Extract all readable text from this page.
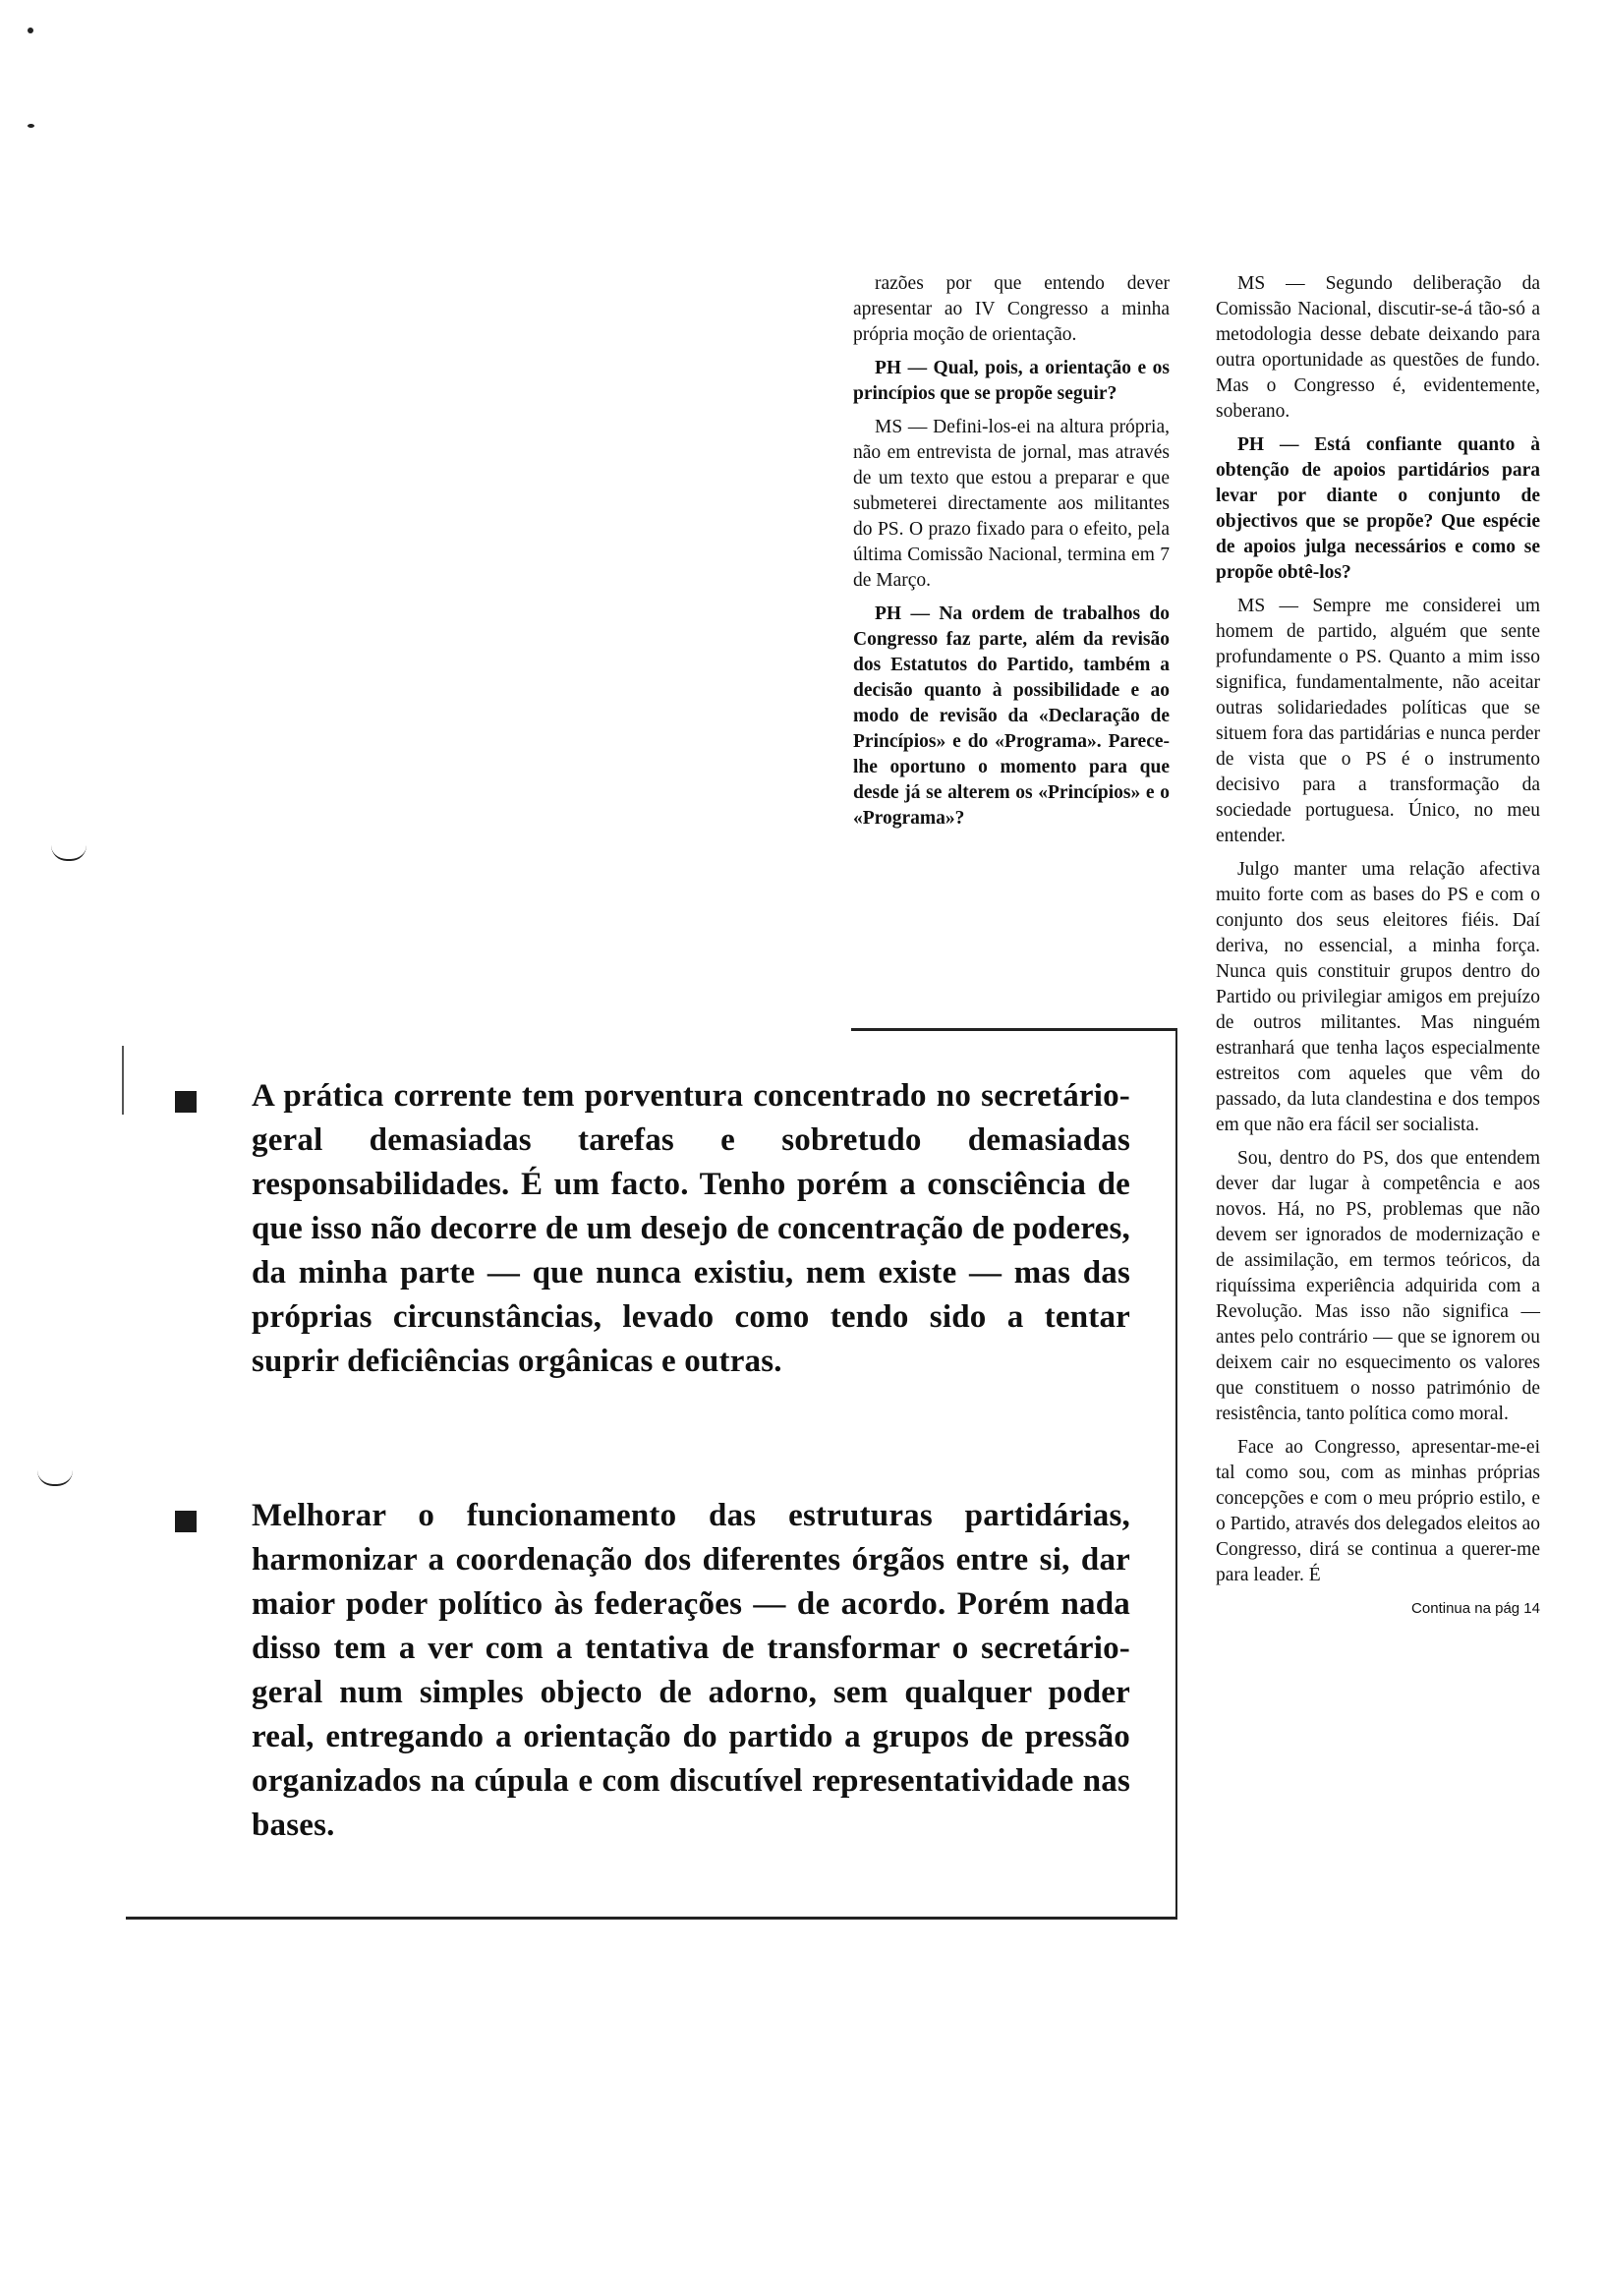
razões por que entendo dever apresentar ao IV Congresso a minha própria moção de orientação.

PH — Qual, pois, a orientação e os princípios que se propõe seguir?

MS — Defini-los-ei na altura própria, não em entrevista de jornal, mas através de um texto que estou a preparar e que submeterei directamente aos militantes do PS. O prazo fixado para o efeito, pela última Comissão Nacional, termina em 7 de Março.

PH — Na ordem de trabalhos do Congresso faz parte, além da revisão dos Estatutos do Partido, também a decisão quanto à possibilidade e ao modo de revisão da «Declaração de Princípios» e do «Programa». Parece-lhe oportuno o momento para que desde já se alterem os «Princípios» e o «Programa»?

MS — Segundo deliberação da Comissão Nacional, discutir-se-á tão-só a metodologia desse debate deixando para outra oportunidade as questões de fundo. Mas o Congresso é, evidentemente, soberano.

PH — Está confiante quanto à obtenção de apoios partidários para levar por diante o conjunto de objectivos que se propõe? Que espécie de apoios julga necessários e como se propõe obtê-los?

MS — Sempre me considerei um homem de partido, alguém que sente profundamente o PS. Quanto a mim isso significa, fundamentalmente, não aceitar outras solidariedades políticas que se situem fora das partidárias e nunca perder de vista que o PS é o instrumento decisivo para a transformação da sociedade portuguesa. Único, no meu entender.

Julgo manter uma relação afectiva muito forte com as bases do PS e com o conjunto dos seus eleitores fiéis. Daí deriva, no essencial, a minha força. Nunca quis constituir grupos dentro do Partido ou privilegiar amigos em prejuízo de outros militantes. Mas ninguém estranhará que tenha laços especialmente estreitos com aqueles que vêm do passado, da luta clandestina e dos tempos em que não era fácil ser socialista.

Sou, dentro do PS, dos que entendem dever dar lugar à competência e aos novos. Há, no PS, problemas que não devem ser ignorados de modernização e de assimilação, em termos teóricos, da riquíssima experiência adquirida com a Revolução. Mas isso não significa — antes pelo contrário — que se ignorem ou deixem cair no esquecimento os valores que constituem o nosso património de resistência, tanto política como moral.

Face ao Congresso, apresentar-me-ei tal como sou, com as minhas próprias concepções e com o meu próprio estilo, e o Partido, através dos delegados eleitos ao Congresso, dirá se continua a querer-me para leader. É

Continua na pág 14
A prática corrente tem porventura concentrado no secretário-geral demasiadas tarefas e sobretudo demasiadas responsabilidades. É um facto. Tenho porém a consciência de que isso não decorre de um desejo de concentração de poderes, da minha parte — que nunca existiu, nem existe — mas das próprias circunstâncias, levado como tendo sido a tentar suprir deficiências orgânicas e outras.
Melhorar o funcionamento das estruturas partidárias, harmonizar a coordenação dos diferentes órgãos entre si, dar maior poder político às federações — de acordo. Porém nada disso tem a ver com a tentativa de transformar o secretário-geral num simples objecto de adorno, sem qualquer poder real, entregando a orientação do partido a grupos de pressão organizados na cúpula e com discutível representatividade nas bases.
